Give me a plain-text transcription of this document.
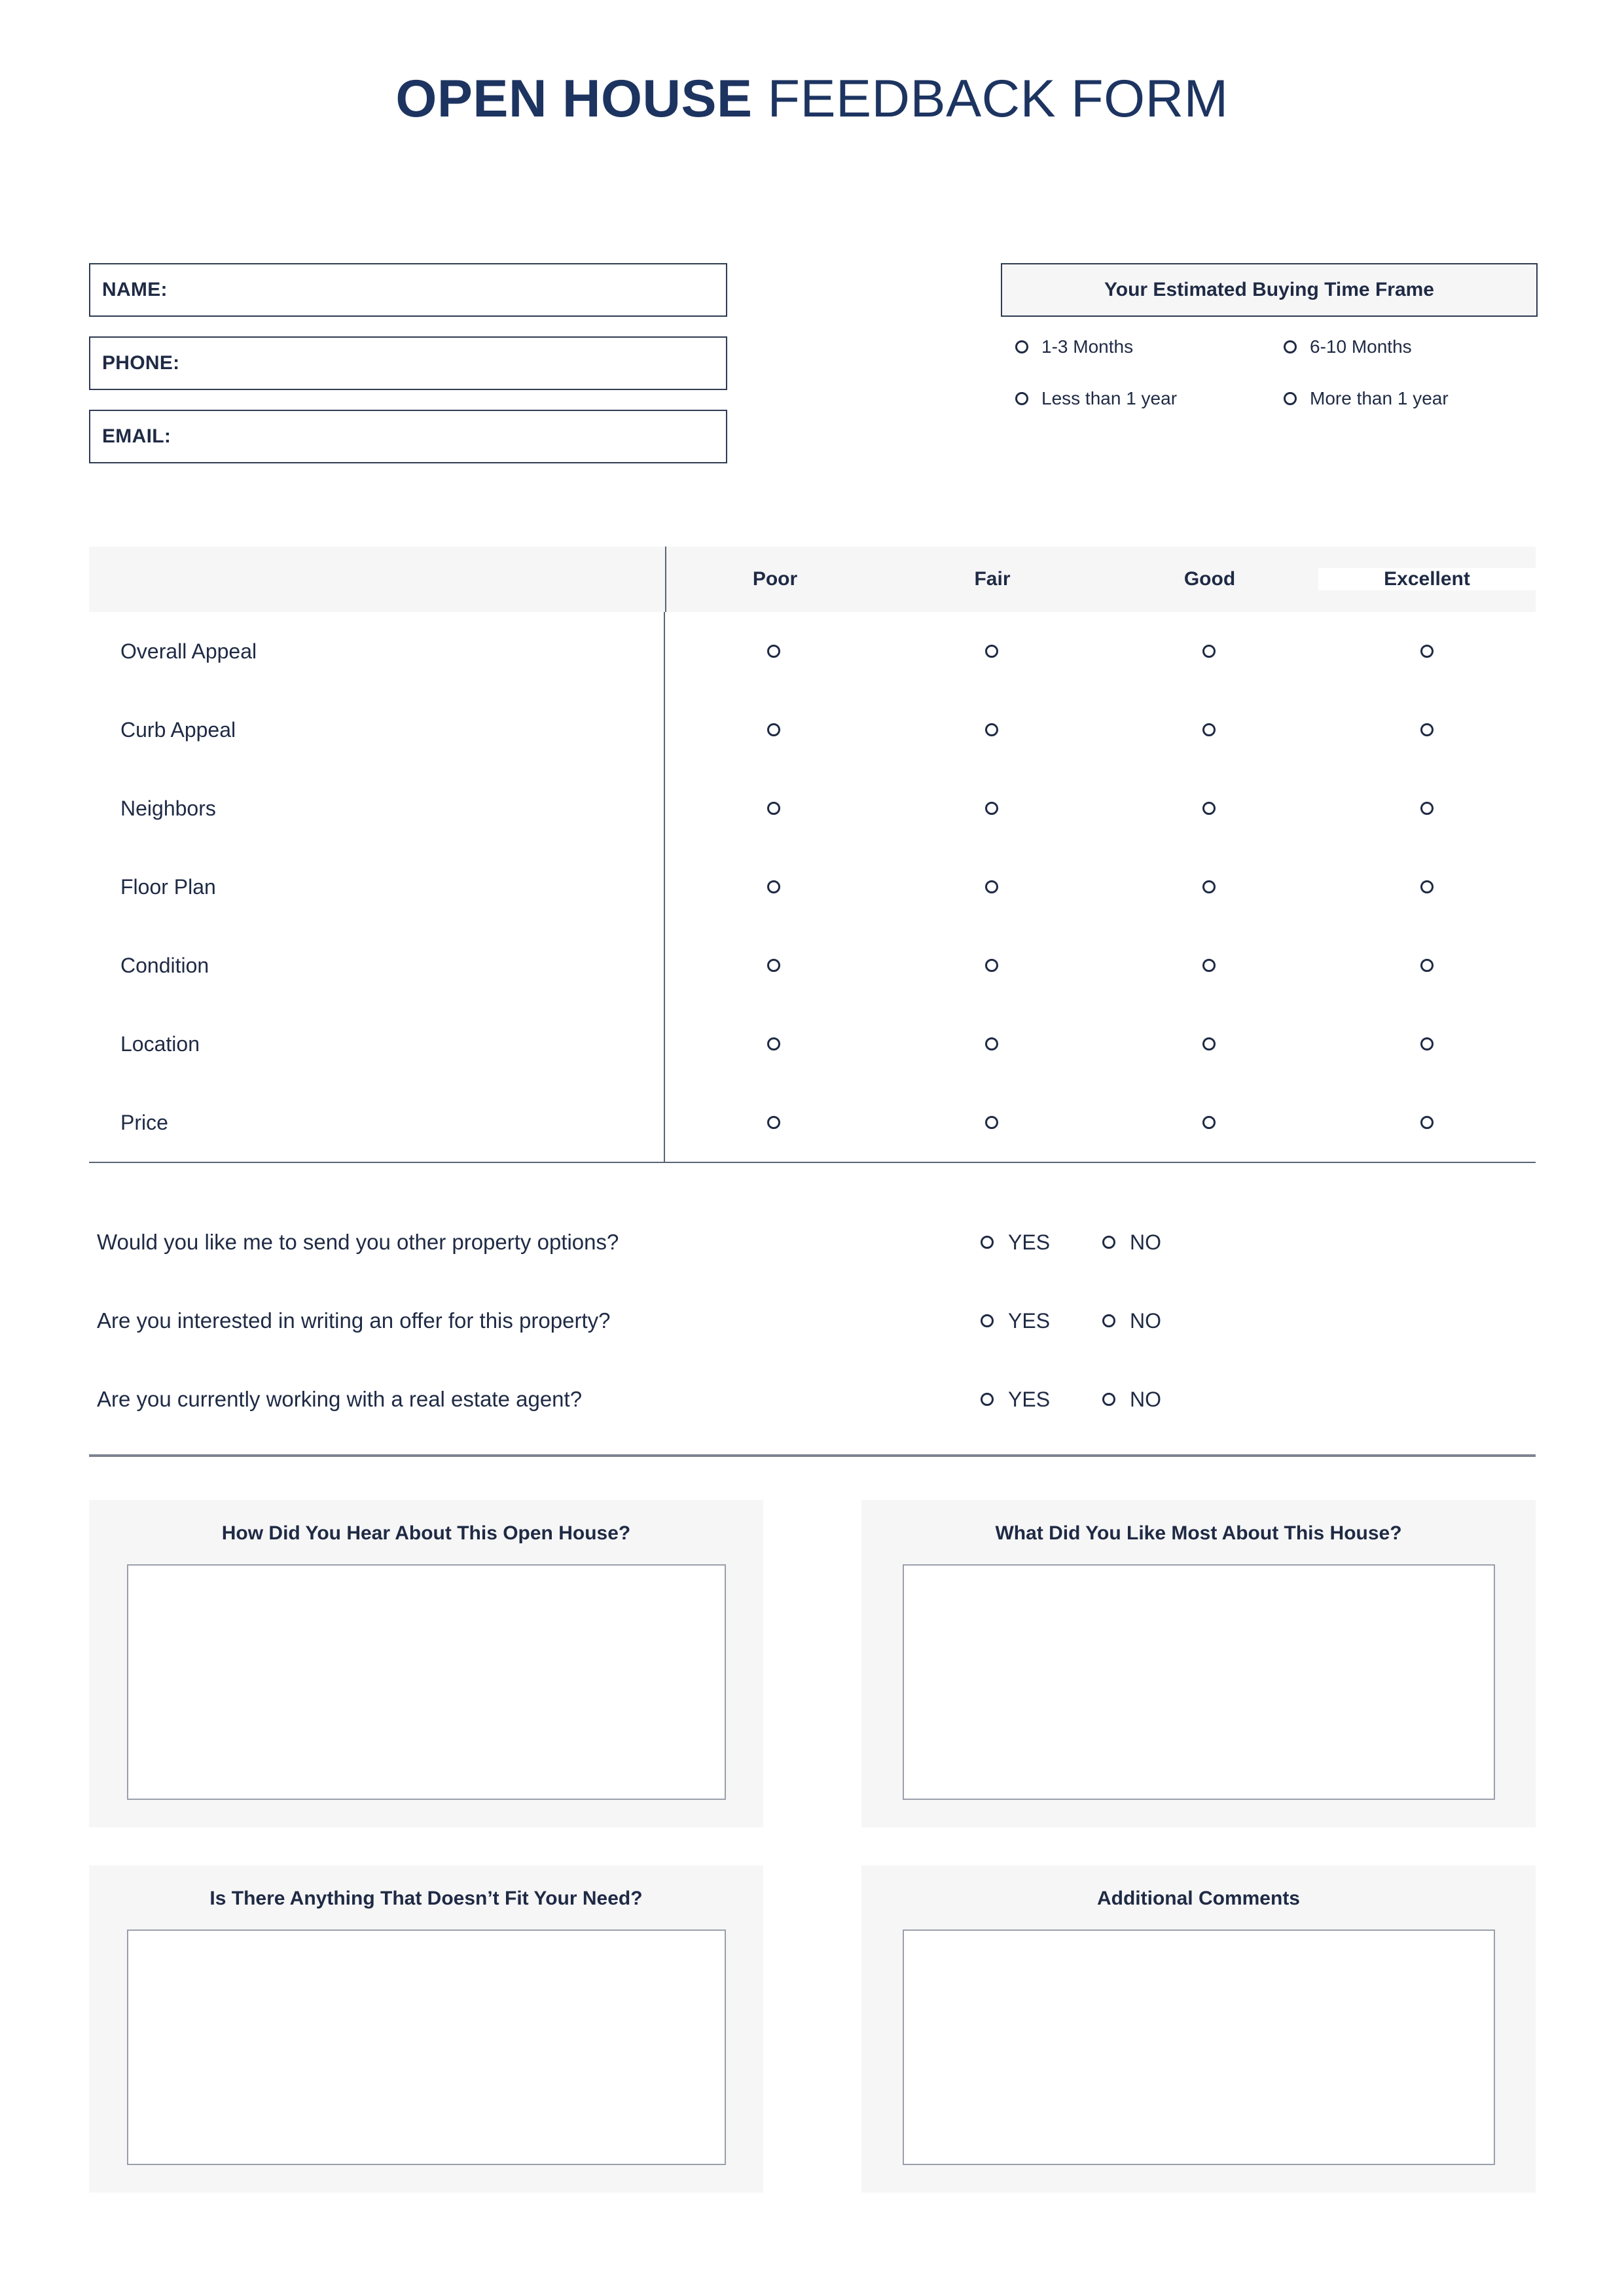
OPEN HOUSE FEEDBACK FORM
NAME:
PHONE:
EMAIL:
Your Estimated Buying Time Frame
1-3 Months	6-10 Months
Less than 1 year	More than 1 year
Poor	Fair	Good	Excellent
Overall Appeal
Curb Appeal
Neighbors
Floor Plan
Condition
Location
Price
Would you like me to send you other property options?	YES	NO
Are you interested in writing an offer for this property?	YES	NO
Are you currently working with a real estate agent?	YES	NO
How Did You Hear About This Open House?	What Did You Like Most About This House?
Is There Anything That Doesn’t Fit Your Need?	Additional Comments
